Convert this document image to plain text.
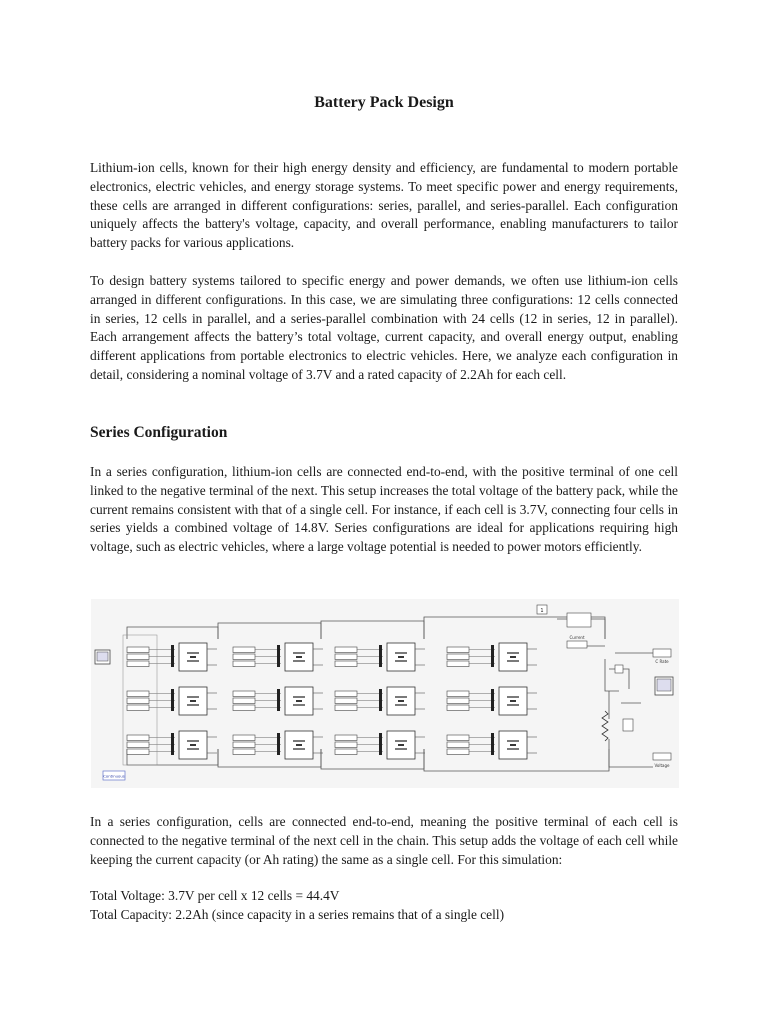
Battery Pack Design

Lithium-ion cells, known for their high energy density and efficiency, are fundamental to modern portable electronics, electric vehicles, and energy storage systems. To meet specific power and energy requirements, these cells are arranged in different configurations: series, parallel, and series-parallel. Each configuration uniquely affects the battery's voltage, capacity, and overall performance, enabling manufacturers to tailor battery packs for various applications.

To design battery systems tailored to specific energy and power demands, we often use lithium-ion cells arranged in different configurations. In this case, we are simulating three configurations: 12 cells connected in series, 12 cells in parallel, and a series-parallel combination with 24 cells (12 in series, 12 in parallel). Each arrangement affects the battery’s total voltage, current capacity, and overall energy output, enabling different applications from portable electronics to electric vehicles. Here, we analyze each configuration in detail, considering a nominal voltage of 3.7V and a rated capacity of 2.2Ah for each cell.

Series Configuration

In a series configuration, lithium-ion cells are connected end-to-end, with the positive terminal of one cell linked to the negative terminal of the next. This setup increases the total voltage of the battery pack, while the current remains consistent with that of a single cell. For instance, if each cell is 3.7V, connecting four cells in series yields a combined voltage of 14.8V. Series configurations are ideal for applications requiring high voltage, such as electric vehicles, where a large voltage potential is needed to power motors efficiently.

1
Current
C Rate
Voltage
Continuous

In a series configuration, cells are connected end-to-end, meaning the positive terminal of each cell is connected to the negative terminal of the next cell in the chain. This setup adds the voltage of each cell while keeping the current capacity (or Ah rating) the same as a single cell. For this simulation:

Total Voltage: 3.7V per cell x 12 cells = 44.4V

Total Capacity: 2.2Ah (since capacity in a series remains that of a single cell)
